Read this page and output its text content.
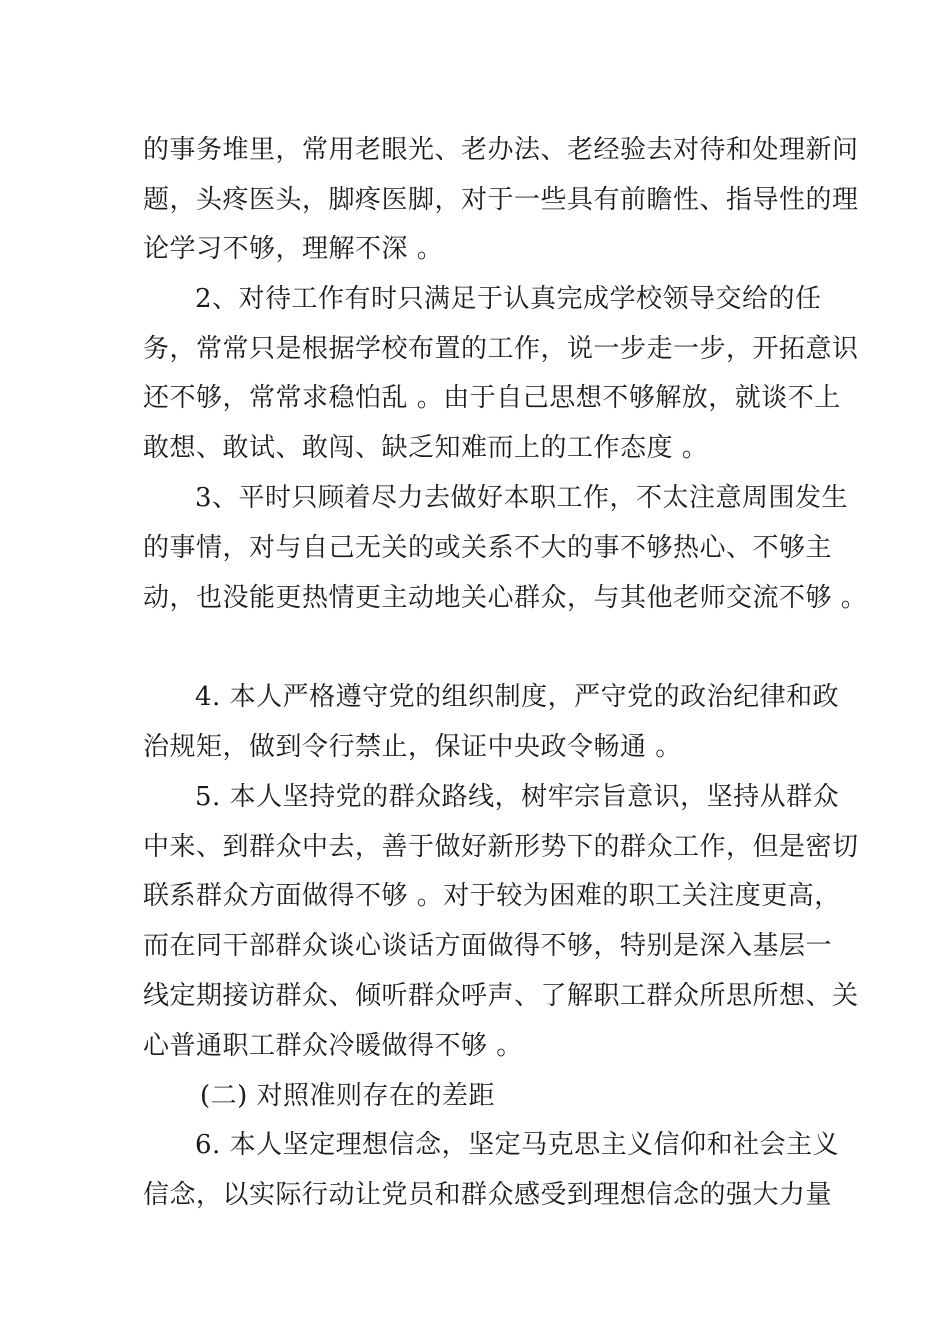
的事务堆里，常用老眼光、老办法、老经验去对待和处理新问
题，头疼医头，脚疼医脚，对于一些具有前瞻性、指导性的理
论学习不够，理解不深 。
2、对待工作有时只满足于认真完成学校领导交给的任
务，常常只是根据学校布置的工作，说一步走一步，开拓意识
还不够，常常求稳怕乱 。由于自己思想不够解放，就谈不上
敢想、敢试、敢闯、缺乏知难而上的工作态度 。
3、平时只顾着尽力去做好本职工作，不太注意周围发生
的事情，对与自己无关的或关系不大的事不够热心、不够主
动，也没能更热情更主动地关心群众，与其他老师交流不够 。
4. 本人严格遵守党的组织制度，严守党的政治纪律和政
治规矩，做到令行禁止，保证中央政令畅通 。
5. 本人坚持党的群众路线，树牢宗旨意识，坚持从群众
中来、到群众中去，善于做好新形势下的群众工作，但是密切
联系群众方面做得不够 。对于较为困难的职工关注度更高，
而在同干部群众谈心谈话方面做得不够，特别是深入基层一
线定期接访群众、倾听群众呼声、了解职工群众所思所想、关
心普通职工群众冷暖做得不够 。
(二) 对照准则存在的差距
6. 本人坚定理想信念，坚定马克思主义信仰和社会主义
信念，以实际行动让党员和群众感受到理想信念的强大力量
